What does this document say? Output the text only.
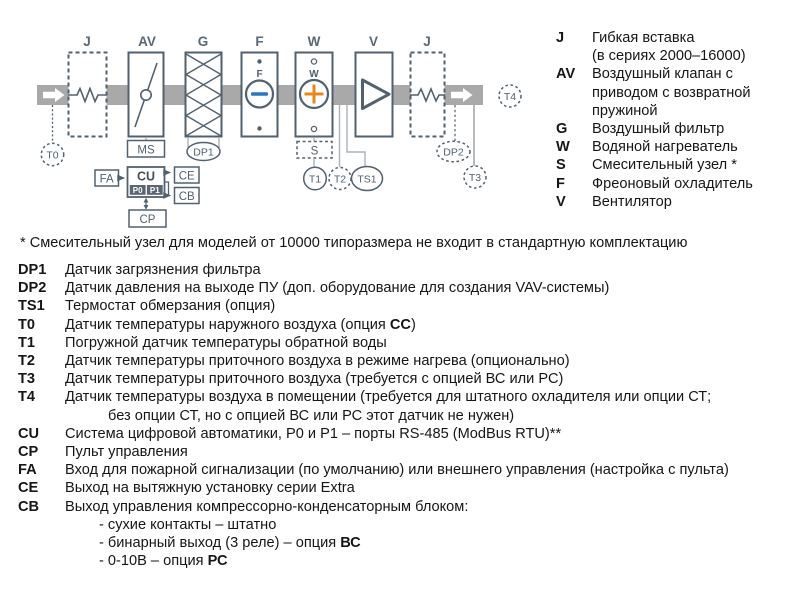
J	AV	G	F	W	V	J
F	W
T0	MS	DP1	S
T1 T2 TS1
DP2
T3
T4
FA CU
P0 P1
CE
CB
CP
J Гибкая вставка
(в сериях 2000–16000)
AV Воздушный клапан с
приводом с возвратной
пружиной
G Воздушный фильтр
W Водяной нагреватель
S Смесительный узел *
F Фреоновый охладитель
V Вентилятор
* Смесительный узел для моделей от 10000 типоразмера не входит в стандартную комплектацию
DP1 Датчик загрязнения фильтра
DP2 Датчик давления на выходе ПУ (доп. оборудование для создания VAV-системы)
TS1 Термостат обмерзания (опция)
T0 Датчик температуры наружного воздуха (опция СС)
T1 Погружной датчик температуры обратной воды
T2 Датчик температуры приточного воздуха в режиме нагрева (опционально)
T3 Датчик температуры приточного воздуха (требуется с опцией ВС или РС)
T4 Датчик температуры воздуха в помещении (требуется для штатного охладителя или опции СТ;
без опции СТ, но с опцией ВС или РС этот датчик не нужен)
CU Система цифровой автоматики, Р0 и Р1 – порты RS-485 (ModBus RTU)**
CP Пульт управления
FA Вход для пожарной сигнализации (по умолчанию) или внешнего управления (настройка с пульта)
CE Выход на вытяжную установку серии Extra
CB Выход управления компрессорно-конденсаторным блоком:
- сухие контакты – штатно
- бинарный выход (3 реле) – опция ВС
- 0-10В – опция РС
